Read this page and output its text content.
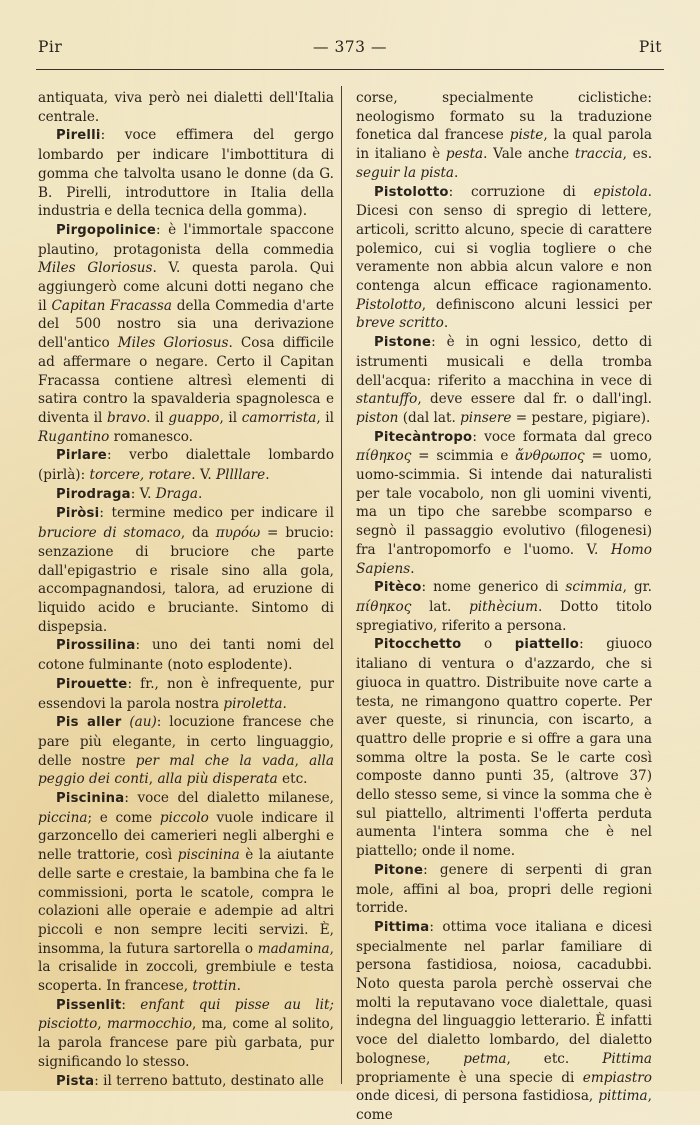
Pir	— 373 —	Pit

antiquata, viva però nei dialetti dell'Italia centrale.

Pirelli: voce effimera del gergo lombardo per indicare l'imbottitura di gomma che talvolta usano le donne (da G. B. Pirelli, introduttore in Italia della industria e della tecnica della gomma).

Pirgopolinice: è l'immortale spaccone plautino, protagonista della commedia Miles Gloriosus. V. questa parola. Qui aggiungerò come alcuni dotti negano che il Capitan Fracassa della Commedia d'arte del 500 nostro sia una derivazione dell'antico Miles Gloriosus. Cosa difficile ad affermare o negare. Certo il Capitan Fracassa contiene altresì elementi di satira contro la spavalderia spagnolesca e diventa il bravo. il guappo, il camorrista, il Rugantino romanesco.

Pirlare: verbo dialettale lombardo (pirlà): torcere, rotare. V. Pllllare.

Pirodraga: V. Draga.

Piròsi: termine medico per indicare il bruciore di stomaco, da πυρόω = brucio: senzazione di bruciore che parte dall'epigastrio e risale sino alla gola, accompagnandosi, talora, ad eruzione di liquido acido e bruciante. Sintomo di dispepsia.

Pirossilina: uno dei tanti nomi del cotone fulminante (noto esplodente).

Pirouette: fr., non è infrequente, pur essendovi la parola nostra piroletta.

Pis aller (au): locuzione francese che pare più elegante, in certo linguaggio, delle nostre per mal che la vada, alla peggio dei conti, alla più disperata etc.

Piscinina: voce del dialetto milanese, piccina; e come piccolo vuole indicare il garzoncello dei camerieri negli alberghi e nelle trattorie, così piscinina è la aiutante delle sarte e crestaie, la bambina che fa le commissioni, porta le scatole, compra le colazioni alle operaie e adempie ad altri piccoli e non sempre leciti servizi. È, insomma, la futura sartorella o madamina, la crisalide in zoccoli, grembiule e testa scoperta. In francese, trottin.

Pissenlit: enfant qui pisse au lit; pisciotto, marmocchio, ma, come al solito, la parola francese pare più garbata, pur significando lo stesso.

Pista: il terreno battuto, destinato alle

corse, specialmente ciclistiche: neologismo formato su la traduzione fonetica dal francese piste, la qual parola in italiano è pesta. Vale anche traccia, es. seguir la pista.

Pistolotto: corruzione di epistola. Dicesi con senso di spregio di lettere, articoli, scritto alcuno, specie di carattere polemico, cui si voglia togliere o che veramente non abbia alcun valore e non contenga alcun efficace ragionamento. Pistolotto, definiscono alcuni lessici per breve scritto.

Pistone: è in ogni lessico, detto di istrumenti musicali e della tromba dell'acqua: riferito a macchina in vece di stantuffo, deve essere dal fr. o dall'ingl. piston (dal lat. pinsere = pestare, pigiare).

Pitecàntropo: voce formata dal greco πίθηκος = scimmia e ἄνθρωπος = uomo, uomo-scimmia. Si intende dai naturalisti per tale vocabolo, non gli uomini viventi, ma un tipo che sarebbe scomparso e segnò il passaggio evolutivo (filogenesi) fra l'antropomorfo e l'uomo. V. Homo Sapiens.

Pitèco: nome generico di scimmia, gr. πίθηκος lat. pithècium. Dotto titolo spregiativo, riferito a persona.

Pitocchetto o piattello: giuoco italiano di ventura o d'azzardo, che si giuoca in quattro. Distribuite nove carte a testa, ne rimangono quattro coperte. Per aver queste, si rinuncia, con iscarto, a quattro delle proprie e si offre a gara una somma oltre la posta. Se le carte così composte danno punti 35, (altrove 37) dello stesso seme, si vince la somma che è sul piattello, altrimenti l'offerta perduta aumenta l'intera somma che è nel piattello; onde il nome.

Pitone: genere di serpenti di gran mole, affini al boa, propri delle regioni torride.

Pittima: ottima voce italiana e dicesi specialmente nel parlar familiare di persona fastidiosa, noiosa, cacadubbi. Noto questa parola perchè osservai che molti la reputavano voce dialettale, quasi indegna del linguaggio letterario. È infatti voce del dialetto lombardo, del dialetto bolognese, petma, etc. Pittima propriamente è una specie di empiastro onde dicesi, di persona fastidiosa, pittima, come
